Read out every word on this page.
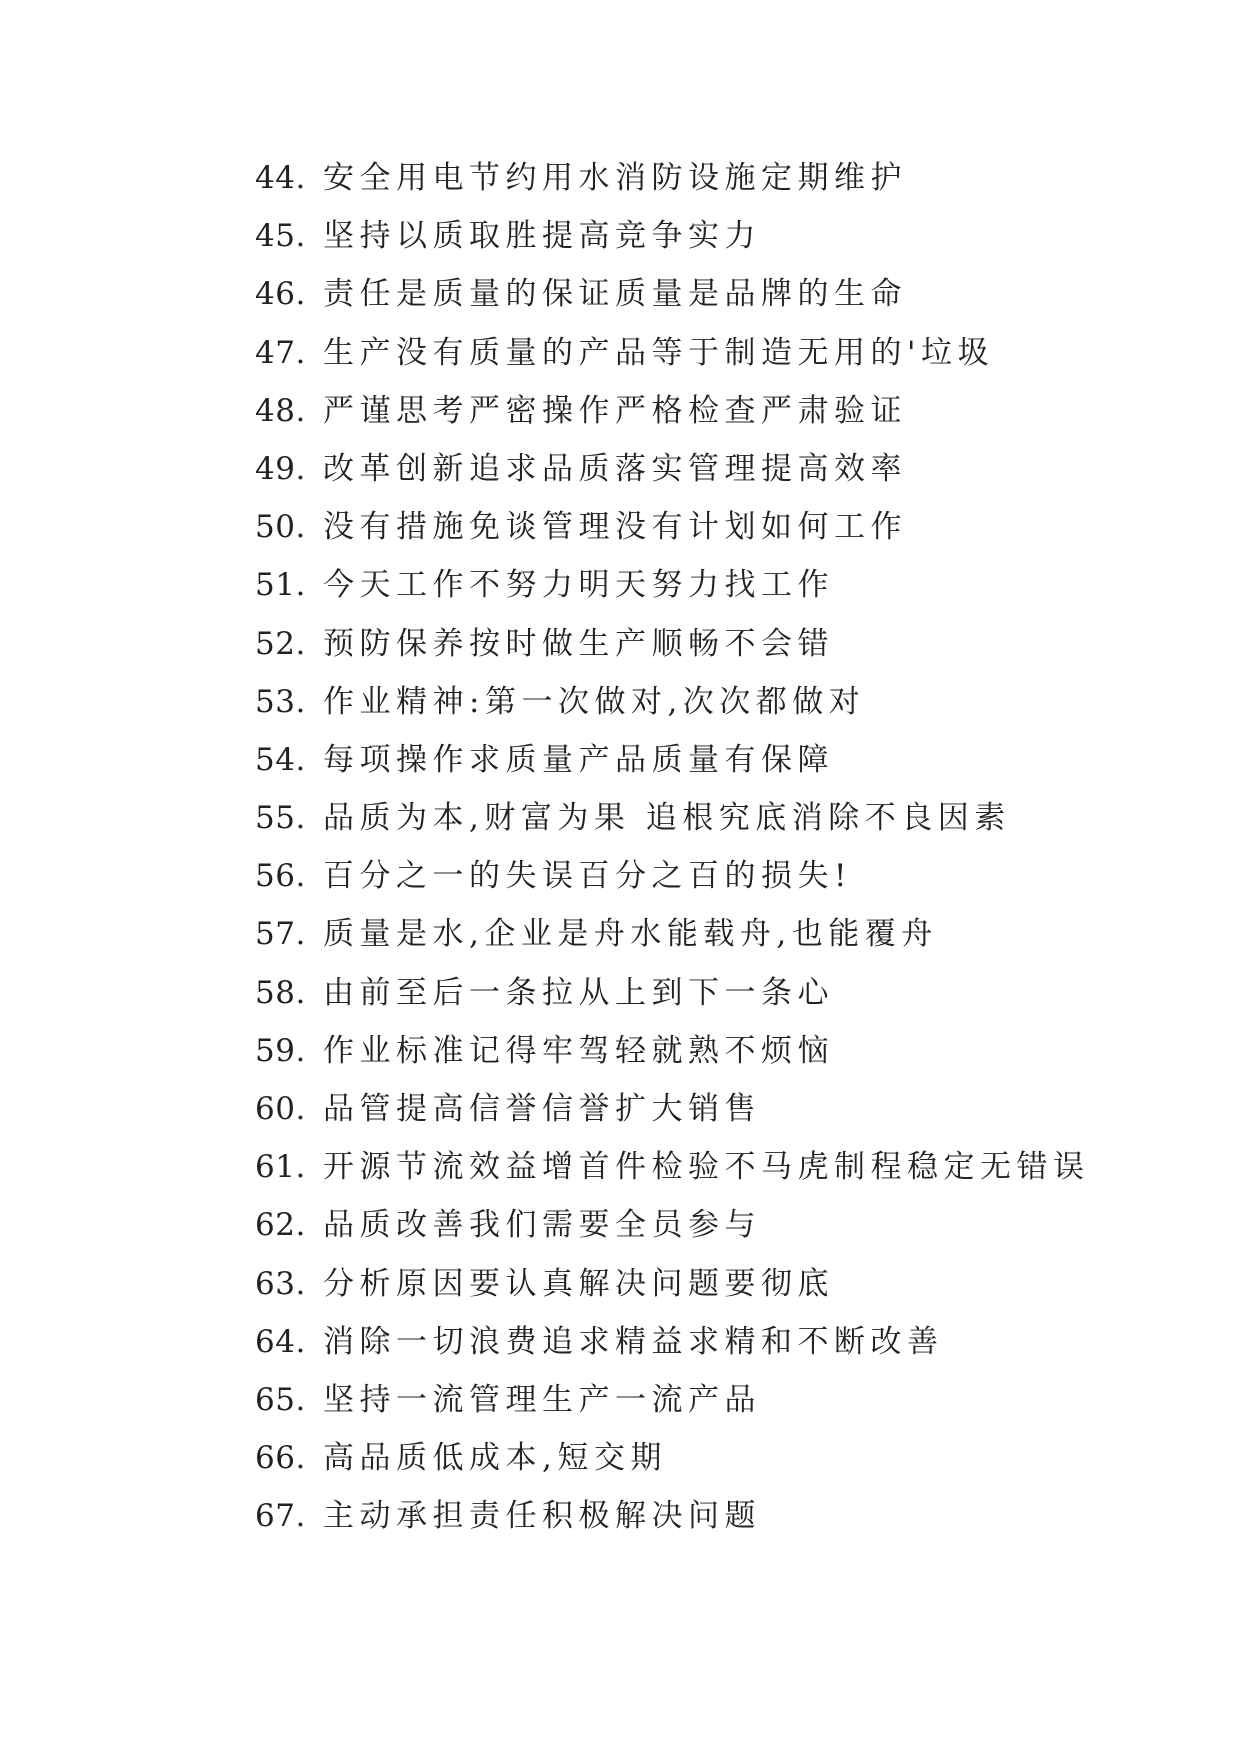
44. 安全用电节约用水消防设施定期维护
45. 坚持以质取胜提高竞争实力
46. 责任是质量的保证质量是品牌的生命
47. 生产没有质量的产品等于制造无用的'垃圾
48. 严谨思考严密操作严格检查严肃验证
49. 改革创新追求品质落实管理提高效率
50. 没有措施免谈管理没有计划如何工作
51. 今天工作不努力明天努力找工作
52. 预防保养按时做生产顺畅不会错
53. 作业精神:第一次做对,次次都做对
54. 每项操作求质量产品质量有保障
55. 品质为本,财富为果 追根究底消除不良因素
56. 百分之一的失误百分之百的损失!
57. 质量是水,企业是舟水能载舟,也能覆舟
58. 由前至后一条拉从上到下一条心
59. 作业标准记得牢驾轻就熟不烦恼
60. 品管提高信誉信誉扩大销售
61. 开源节流效益增首件检验不马虎制程稳定无错误
62. 品质改善我们需要全员参与
63. 分析原因要认真解决问题要彻底
64. 消除一切浪费追求精益求精和不断改善
65. 坚持一流管理生产一流产品
66. 高品质低成本,短交期
67. 主动承担责任积极解决问题
